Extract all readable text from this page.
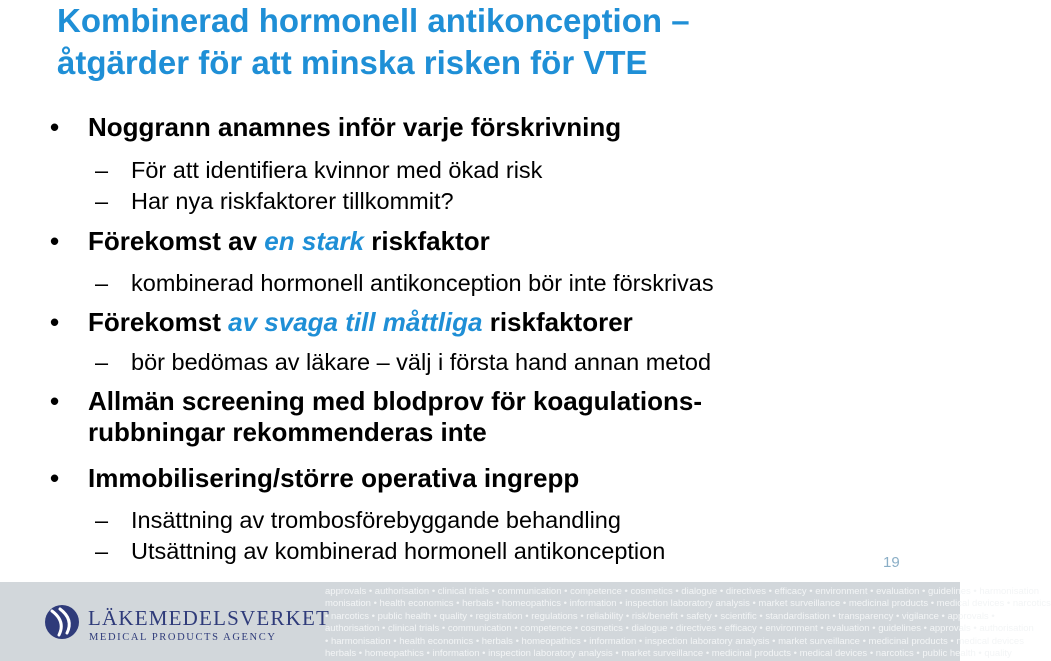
Kombinerad hormonell antikonception –
åtgärder för att minska risken för VTE
• Noggrann anamnes inför varje förskrivning
– För att identifiera kvinnor med ökad risk
– Har nya riskfaktorer tillkommit?
• Förekomst av en stark riskfaktor
– kombinerad hormonell antikonception bör inte förskrivas
• Förekomst av svaga till måttliga riskfaktorer
– bör bedömas av läkare – välj i första hand annan metod
• Allmän screening med blodprov för koagulations-
rubbningar rekommenderas inte
• Immobilisering/större operativa ingrepp
– Insättning av trombosförebyggande behandling
– Utsättning av kombinerad hormonell antikonception	19
approvals • authorisation • clinical trials • communication • competence • cosmetics • dialogue • directives • efficacy • environment • evaluation • guidelines • harmonisation
monisation • health economics • herbals • homeopathics • information • inspection laboratory analysis • market surveillance • medicinal products • medical devices • narcotics
• narcotics • public health • quality • registration • regulations • reliability • risk/benefit • safety • scientific • standardisation • transparency • vigilance • approvals •
authorisation • clinical trials • communication • competence • cosmetics • dialogue • directives • efficacy • environment • evaluation • guidelines • approvals • authorisation
• harmonisation • health economics • herbals • homeopathics • information • inspection laboratory analysis • market surveillance • medicinal products • medical devices
herbals • homeopathics • information • inspection laboratory analysis • market surveillance • medicinal products • medical devices • narcotics • public health • quality
LÄKEMEDELSVERKET
MEDICAL PRODUCTS AGENCY
